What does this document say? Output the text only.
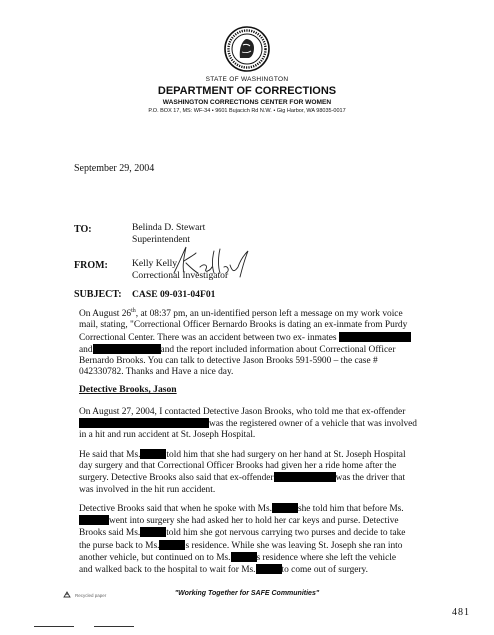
STATE OF WASHINGTON
DEPARTMENT OF CORRECTIONS
WASHINGTON CORRECTIONS CENTER FOR WOMEN
P.O. BOX 17, MS: WF-34 • 9601 Bujacich Rd N.W. • Gig Harbor, WA 98035-0017
September 29, 2004
TO:	Belinda D. Stewart
Superintendent
FROM:	Kelly Kelly
Correctional Investigator
SUBJECT: CASE 09-031-04F01
On August 26th, at 08:37 pm, an un-identified person left a message on my work voice
mail, stating, "Correctional Officer Bernardo Brooks is dating an ex-inmate from Purdy
Correctional Center. There was an accident between two ex- inmates
and	and the report included information about Correctional Officer
Bernardo Brooks. You can talk to detective Jason Brooks 591-5900 – the case #
042330782. Thanks and Have a nice day.
Detective Brooks, Jason
On August 27, 2004, I contacted Detective Jason Brooks, who told me that ex-offender
was the registered owner of a vehicle that was involved
in a hit and run accident at St. Joseph Hospital.
He said that Ms.	told him that she had surgery on her hand at St. Joseph Hospital
day surgery and that Correctional Officer Brooks had given her a ride home after the
surgery. Detective Brooks also said that ex-offender	was the driver that
was involved in the hit run accident.
Detective Brooks said that when he spoke with Ms.	she told him that before Ms.
went into surgery she had asked her to hold her car keys and purse. Detective
Brooks said Ms.	told him she got nervous carrying two purses and decide to take
the purse back to Ms.	s residence. While she was leaving St. Joseph she ran into
another vehicle, but continued on to Ms.	s residence where she left the vehicle
and walked back to the hospital to wait for Ms.	to come out of surgery.
Recycled paper	"Working Together for SAFE Communities"
481
